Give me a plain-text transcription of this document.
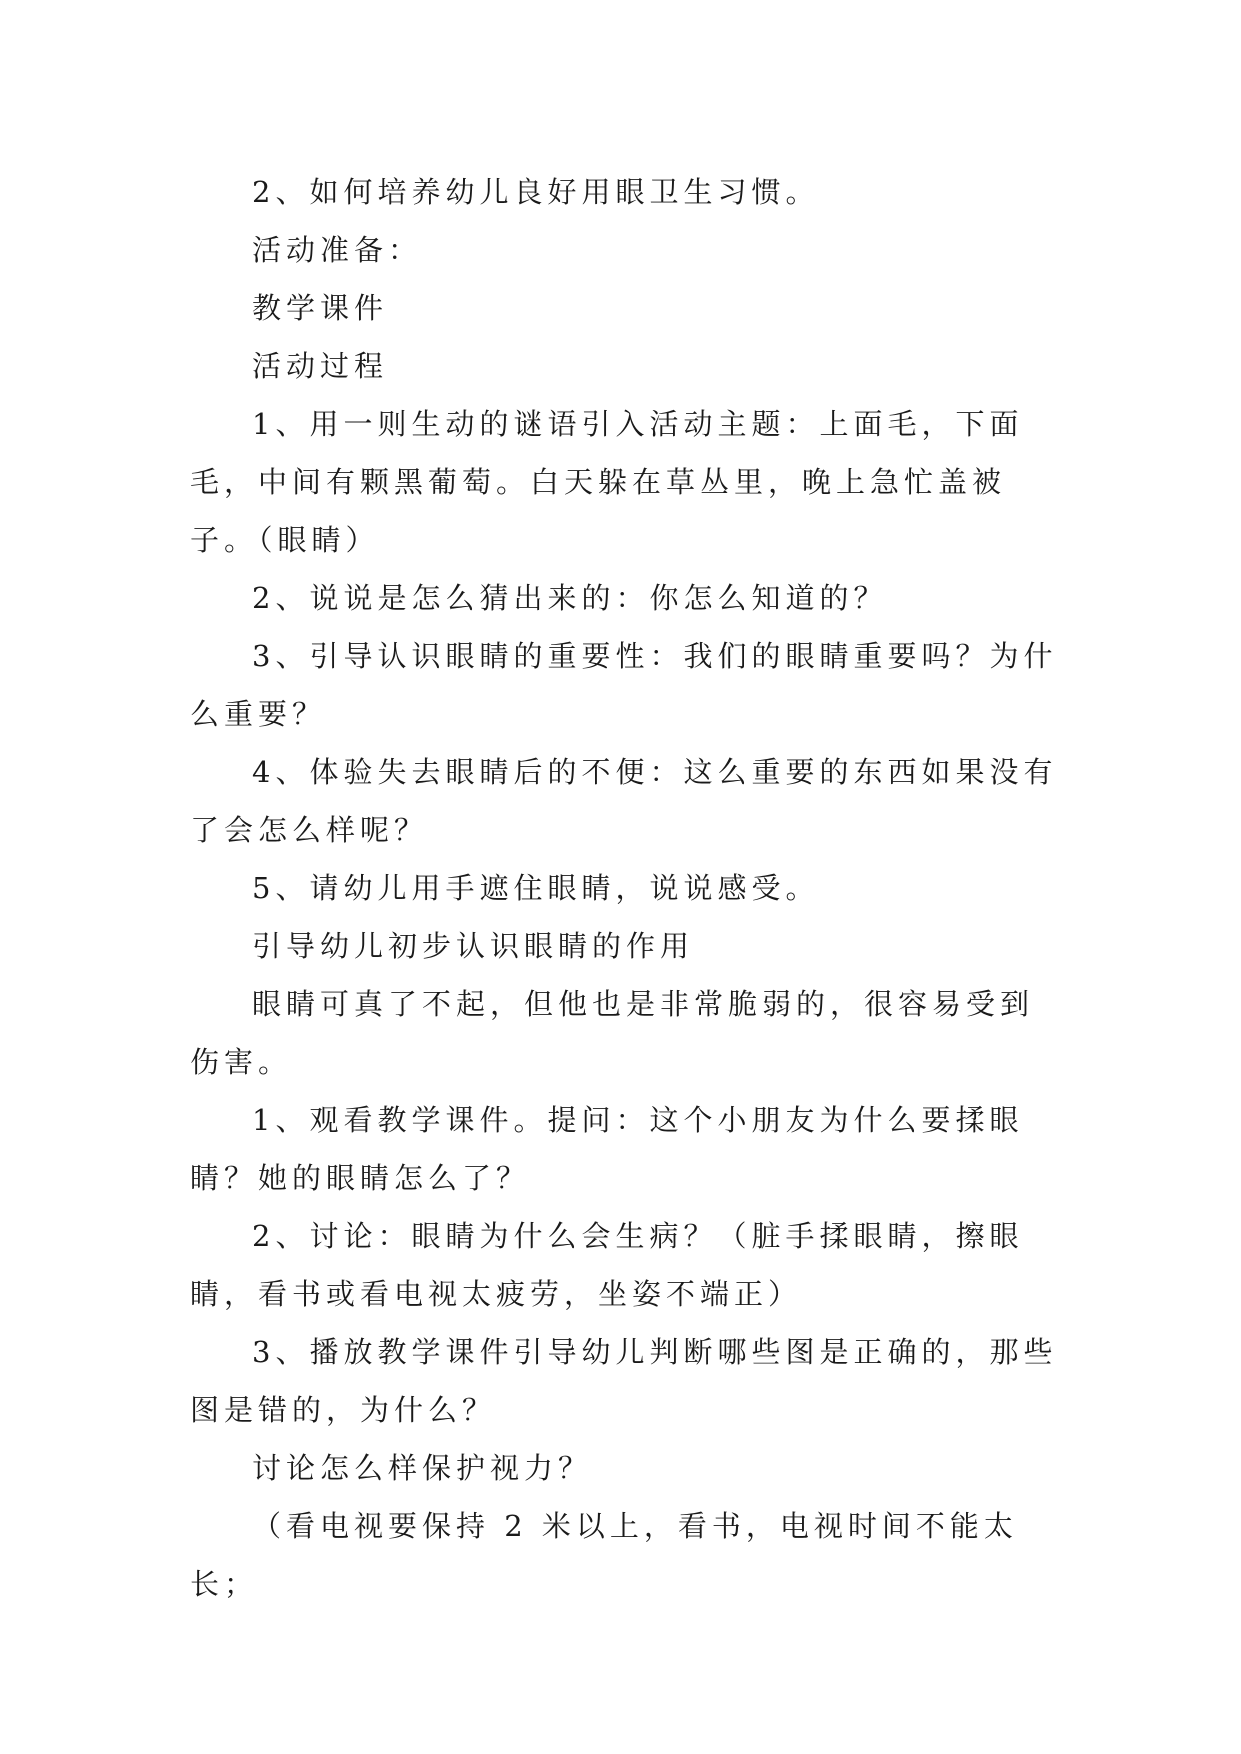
2、如何培养幼儿良好用眼卫生习惯。

活动准备：

教学课件

活动过程

1、用一则生动的谜语引入活动主题：上面毛，下面毛，中间有颗黑葡萄。白天躲在草丛里，晚上急忙盖被子。（眼睛）

2、说说是怎么猜出来的：你怎么知道的？

3、引导认识眼睛的重要性：我们的眼睛重要吗？为什么重要？

4、体验失去眼睛后的不便：这么重要的东西如果没有了会怎么样呢？

5、请幼儿用手遮住眼睛，说说感受。

引导幼儿初步认识眼睛的作用

眼睛可真了不起，但他也是非常脆弱的，很容易受到伤害。

1、观看教学课件。提问：这个小朋友为什么要揉眼睛？她的眼睛怎么了？

2、讨论：眼睛为什么会生病？（脏手揉眼睛，擦眼睛，看书或看电视太疲劳，坐姿不端正）

3、播放教学课件引导幼儿判断哪些图是正确的，那些图是错的，为什么？

讨论怎么样保护视力？

（看电视要保持 2 米以上，看书，电视时间不能太长；
